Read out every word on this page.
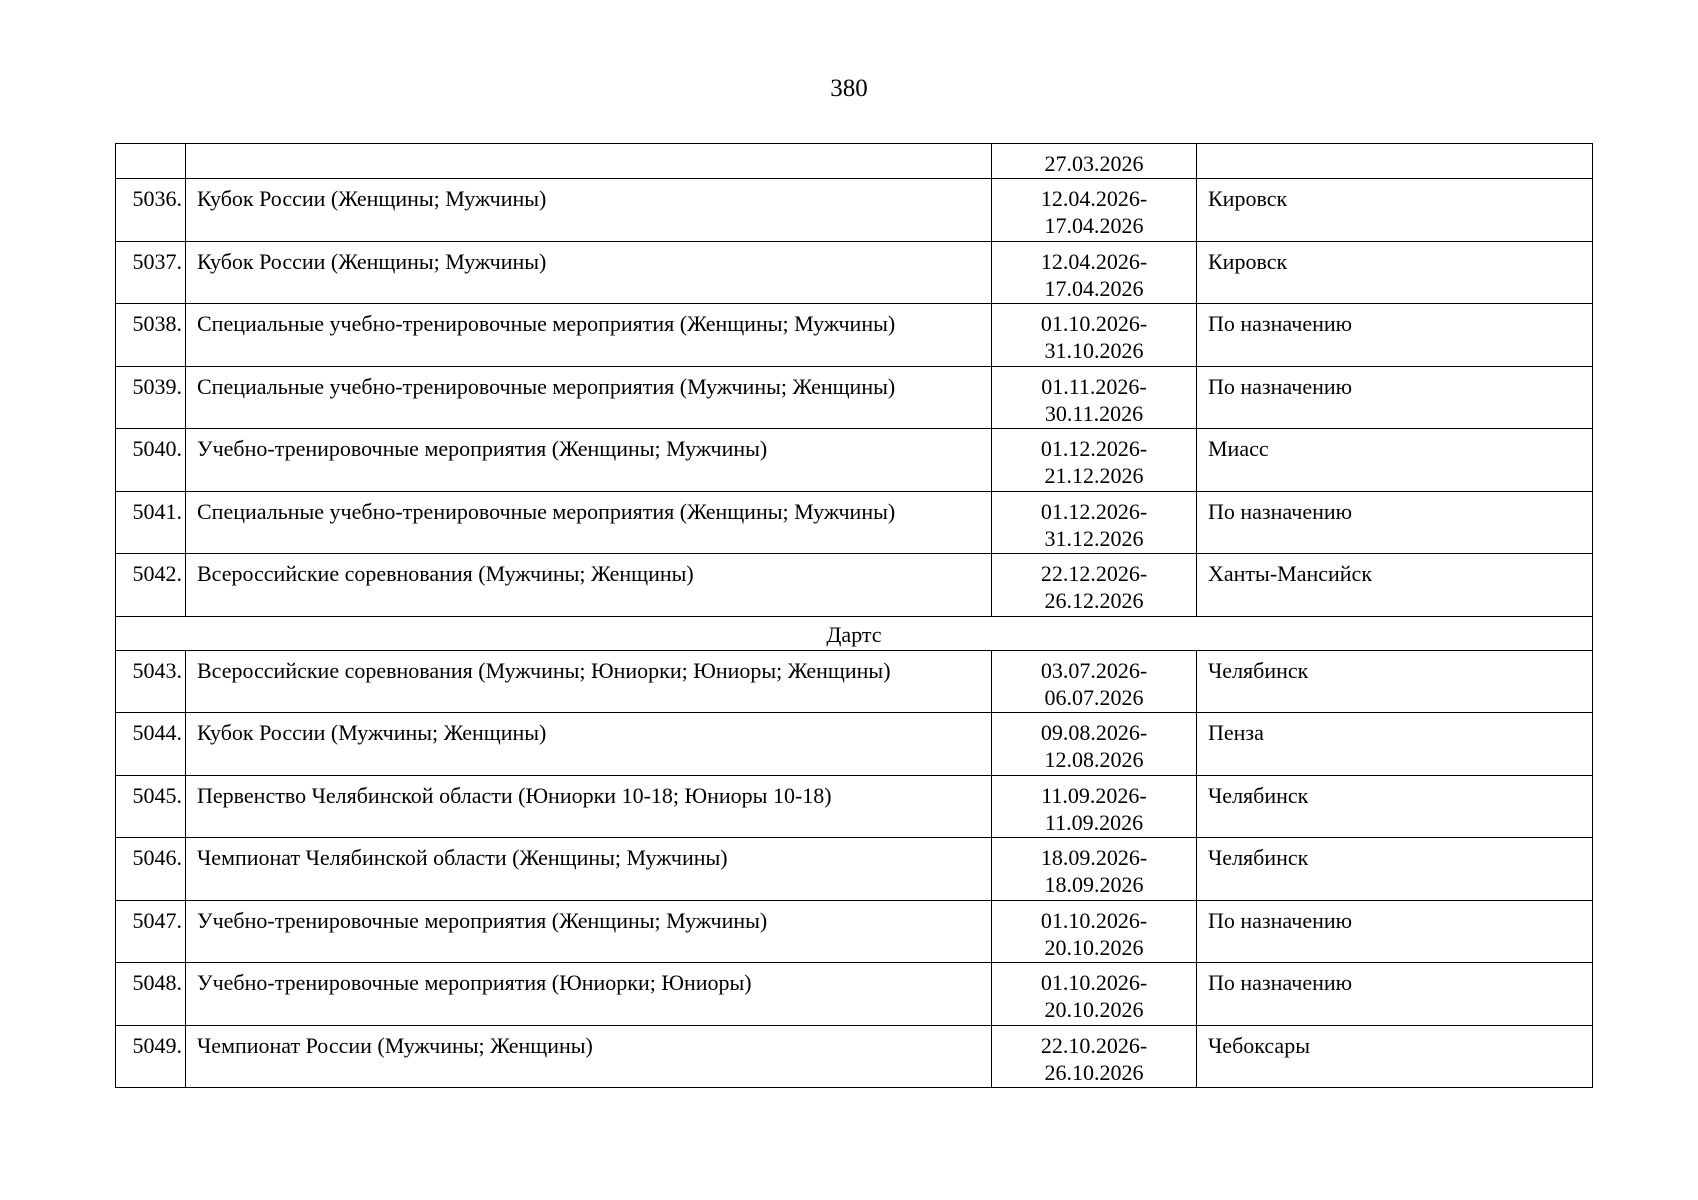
380
		27.03.2026	
5036.	Кубок России (Женщины; Мужчины)	12.04.2026-
17.04.2026	Кировск
5037.	Кубок России (Женщины; Мужчины)	12.04.2026-
17.04.2026	Кировск
5038.	Специальные учебно-тренировочные мероприятия (Женщины; Мужчины)	01.10.2026-
31.10.2026	По назначению
5039.	Специальные учебно-тренировочные мероприятия (Мужчины; Женщины)	01.11.2026-
30.11.2026	По назначению
5040.	Учебно-тренировочные мероприятия (Женщины; Мужчины)	01.12.2026-
21.12.2026	Миасс
5041.	Специальные учебно-тренировочные мероприятия (Женщины; Мужчины)	01.12.2026-
31.12.2026	По назначению
5042.	Всероссийские соревнования (Мужчины; Женщины)	22.12.2026-
26.12.2026	Ханты-Мансийск
Дартс			
5043.	Всероссийские соревнования (Мужчины; Юниорки; Юниоры; Женщины)	03.07.2026-
06.07.2026	Челябинск
5044.	Кубок России (Мужчины; Женщины)	09.08.2026-
12.08.2026	Пенза
5045.	Первенство Челябинской области (Юниорки 10-18; Юниоры 10-18)	11.09.2026-
11.09.2026	Челябинск
5046.	Чемпионат Челябинской области (Женщины; Мужчины)	18.09.2026-
18.09.2026	Челябинск
5047.	Учебно-тренировочные мероприятия (Женщины; Мужчины)	01.10.2026-
20.10.2026	По назначению
5048.	Учебно-тренировочные мероприятия (Юниорки; Юниоры)	01.10.2026-
20.10.2026	По назначению
5049.	Чемпионат России (Мужчины; Женщины)	22.10.2026-
26.10.2026	Чебоксары
